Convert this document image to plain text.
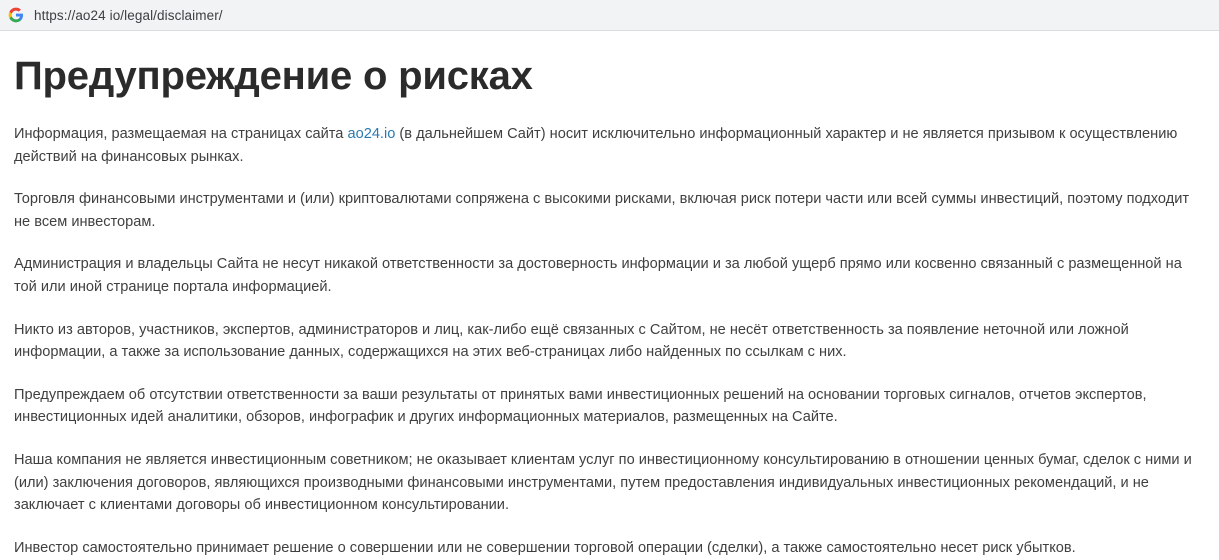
https://ao24 io/legal/disclaimer/
Предупреждение о рисках

Информация, размещаемая на страницах сайта ao24.io (в дальнейшем Сайт) носит исключительно информационный характер и не является призывом к осуществлению действий на финансовых рынках.

Торговля финансовыми инструментами и (или) криптовалютами сопряжена с высокими рисками, включая риск потери части или всей суммы инвестиций, поэтому подходит не всем инвесторам.

Администрация и владельцы Сайта не несут никакой ответственности за достоверность информации и за любой ущерб прямо или косвенно связанный с размещенной на той или иной странице портала информацией.

Никто из авторов, участников, экспертов, администраторов и лиц, как-либо ещё связанных с Сайтом, не несёт ответственность за появление неточной или ложной информации, а также за использование данных, содержащихся на этих веб-страницах либо найденных по ссылкам с них.

Предупреждаем об отсутствии ответственности за ваши результаты от принятых вами инвестиционных решений на основании торговых сигналов, отчетов экспертов, инвестиционных идей аналитики, обзоров, инфографик и других информационных материалов, размещенных на Сайте.

Наша компания не является инвестиционным советником; не оказывает клиентам услуг по инвестиционному консультированию в отношении ценных бумаг, сделок с ними и (или) заключения договоров, являющихся производными финансовыми инструментами, путем предоставления индивидуальных инвестиционных рекомендаций, и не заключает с клиентами договоры об инвестиционном консультировании.

Инвестор самостоятельно принимает решение о совершении или не совершении торговой операции (сделки), а также самостоятельно несет риск убытков.
